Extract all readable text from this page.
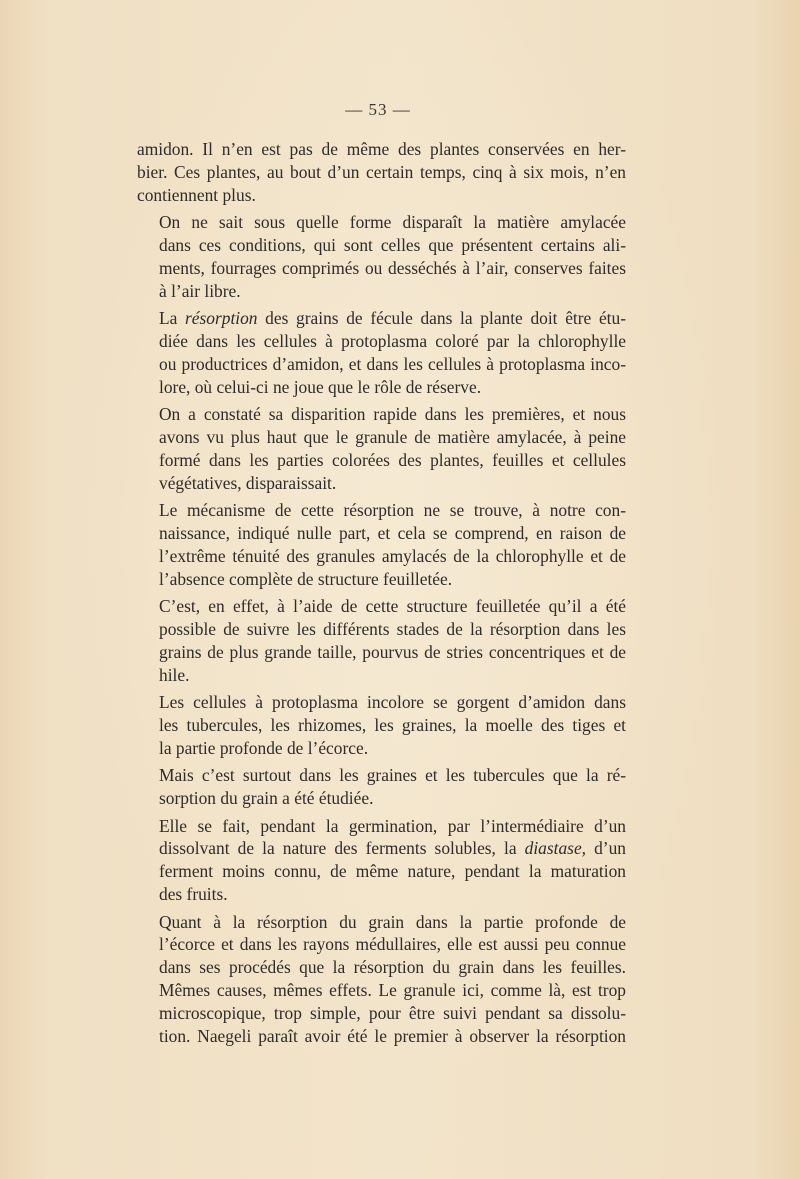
— 53 —

amidon. Il n’en est pas de même des plantes conservées en her-
bier. Ces plantes, au bout d’un certain temps, cinq à six mois, n’en
contiennent plus.

On ne sait sous quelle forme disparaît la matière amylacée
dans ces conditions, qui sont celles que présentent certains ali-
ments, fourrages comprimés ou desséchés à l’air, conserves faites
à l’air libre.

La résorption des grains de fécule dans la plante doit être étu-
diée dans les cellules à protoplasma coloré par la chlorophylle
ou productrices d’amidon, et dans les cellules à protoplasma inco-
lore, où celui-ci ne joue que le rôle de réserve.

On a constaté sa disparition rapide dans les premières, et nous
avons vu plus haut que le granule de matière amylacée, à peine
formé dans les parties colorées des plantes, feuilles et cellules
végétatives, disparaissait.

Le mécanisme de cette résorption ne se trouve, à notre con-
naissance, indiqué nulle part, et cela se comprend, en raison de
l’extrême ténuité des granules amylacés de la chlorophylle et de
l’absence complète de structure feuilletée.

C’est, en effet, à l’aide de cette structure feuilletée qu’il a été
possible de suivre les différents stades de la résorption dans les
grains de plus grande taille, pourvus de stries concentriques et de
hile.

Les cellules à protoplasma incolore se gorgent d’amidon dans
les tubercules, les rhizomes, les graines, la moelle des tiges et
la partie profonde de l’écorce.

Mais c’est surtout dans les graines et les tubercules que la ré-
sorption du grain a été étudiée.

Elle se fait, pendant la germination, par l’intermédiaire d’un
dissolvant de la nature des ferments solubles, la diastase, d’un
ferment moins connu, de même nature, pendant la maturation
des fruits.

Quant à la résorption du grain dans la partie profonde de
l’écorce et dans les rayons médullaires, elle est aussi peu connue
dans ses procédés que la résorption du grain dans les feuilles.
Mêmes causes, mêmes effets. Le granule ici, comme là, est trop
microscopique, trop simple, pour être suivi pendant sa dissolu-
tion. Naegeli paraît avoir été le premier à observer la résorption
